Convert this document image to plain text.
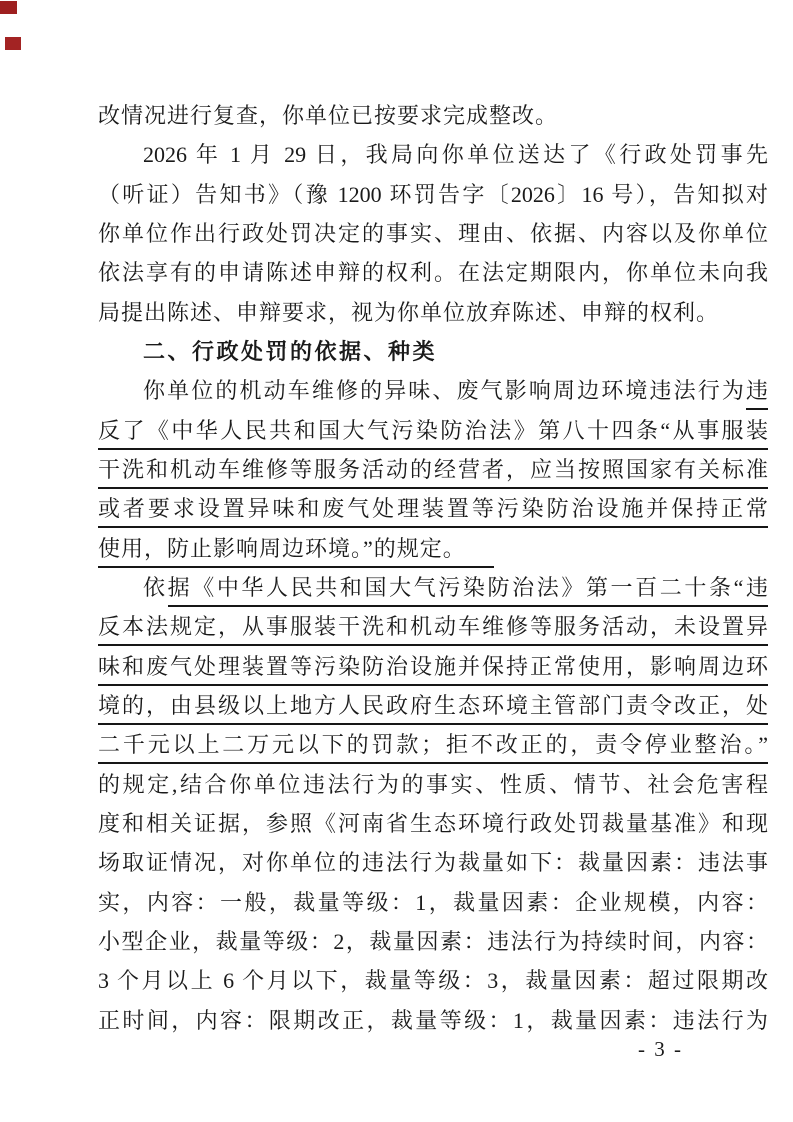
改情况进行复查，你单位已按要求完成整改。
2026 年 1 月 29 日，我局向你单位送达了《行政处罚事先
（听证）告知书》（豫 1200 环罚告字〔2026〕16 号），告知拟对
你单位作出行政处罚决定的事实、理由、依据、内容以及你单位
依法享有的申请陈述申辩的权利。在法定期限内，你单位未向我
局提出陈述、申辩要求，视为你单位放弃陈述、申辩的权利。
二、行政处罚的依据、种类
你单位的机动车维修的异味、废气影响周边环境违法行为违
反了《中华人民共和国大气污染防治法》第八十四条“从事服装
干洗和机动车维修等服务活动的经营者，应当按照国家有关标准
或者要求设置异味和废气处理装置等污染防治设施并保持正常
使用，防止影响周边环境。”的规定。
依据《中华人民共和国大气污染防治法》第一百二十条“违
反本法规定，从事服装干洗和机动车维修等服务活动，未设置异
味和废气处理装置等污染防治设施并保持正常使用，影响周边环
境的，由县级以上地方人民政府生态环境主管部门责令改正，处
二千元以上二万元以下的罚款；拒不改正的，责令停业整治。”
的规定,结合你单位违法行为的事实、性质、情节、社会危害程
度和相关证据，参照《河南省生态环境行政处罚裁量基准》和现
场取证情况，对你单位的违法行为裁量如下：裁量因素：违法事
实，内容：一般，裁量等级：1，裁量因素：企业规模，内容：
小型企业，裁量等级：2，裁量因素：违法行为持续时间，内容：
3 个月以上 6 个月以下，裁量等级：3，裁量因素：超过限期改
正时间，内容：限期改正，裁量等级：1，裁量因素：违法行为
- 3 -
